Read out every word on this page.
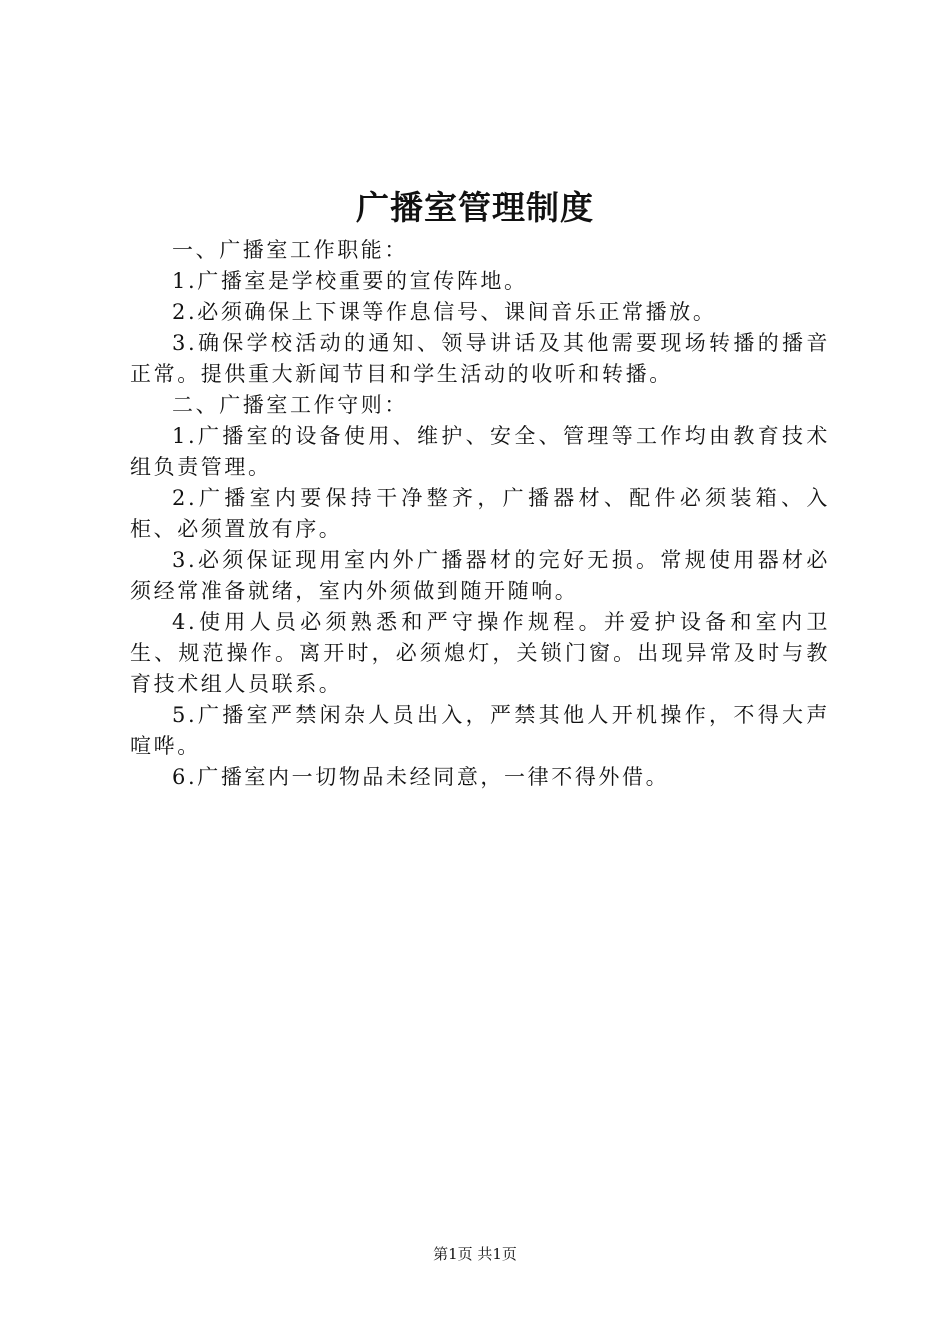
广播室管理制度

一、广播室工作职能：

1.广播室是学校重要的宣传阵地。

2.必须确保上下课等作息信号、课间音乐正常播放。

3.确保学校活动的通知、领导讲话及其他需要现场转播的播音正常。提供重大新闻节目和学生活动的收听和转播。

二、广播室工作守则：

1.广播室的设备使用、维护、安全、管理等工作均由教育技术组负责管理。

2.广播室内要保持干净整齐，广播器材、配件必须装箱、入柜、必须置放有序。

3.必须保证现用室内外广播器材的完好无损。常规使用器材必须经常准备就绪，室内外须做到随开随响。

4.使用人员必须熟悉和严守操作规程。并爱护设备和室内卫生、规范操作。离开时，必须熄灯，关锁门窗。出现异常及时与教育技术组人员联系。

5.广播室严禁闲杂人员出入，严禁其他人开机操作，不得大声喧哗。

6.广播室内一切物品未经同意，一律不得外借。

第1页 共1页
